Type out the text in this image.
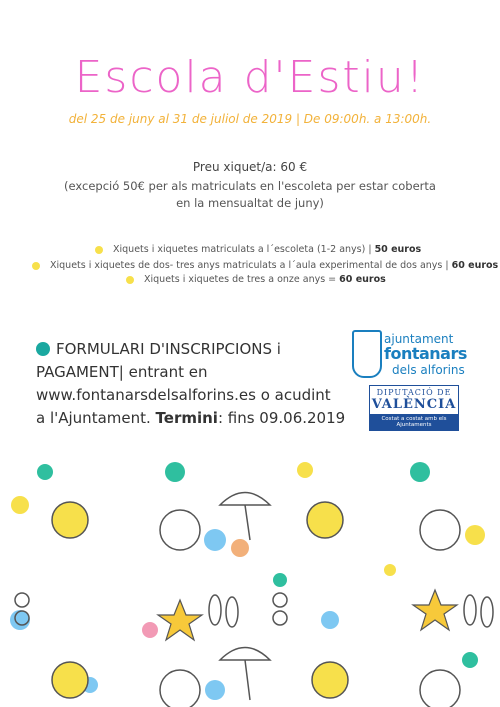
Escola d'Estiu!
del 25 de juny al 31 de juliol de 2019 | De 09:00h. a 13:00h.
Preu xiquet/a: 60 €
(excepció 50€ per als matriculats en l'escoleta per estar coberta
en la mensualtat de juny)
Xiquets i xiquetes matriculats a l´escoleta (1-2 anys) | 50 euros
Xiquets i xiquetes de dos- tres anys matriculats a l´aula experimental de dos anys | 60 euros
Xiquets i xiquetes de tres a onze anys = 60 euros
FORMULARI D'INSCRIPCIONS i
PAGAMENT| entrant en
www.fontanarsdelsalforins.es o acudint
a l'Ajuntament. Termini: fins 09.06.2019
ajuntament
fontanars
dels alforins
DIPUTACIÓ DE
VALÈNCIA
Costat a costat amb els Ajuntaments
